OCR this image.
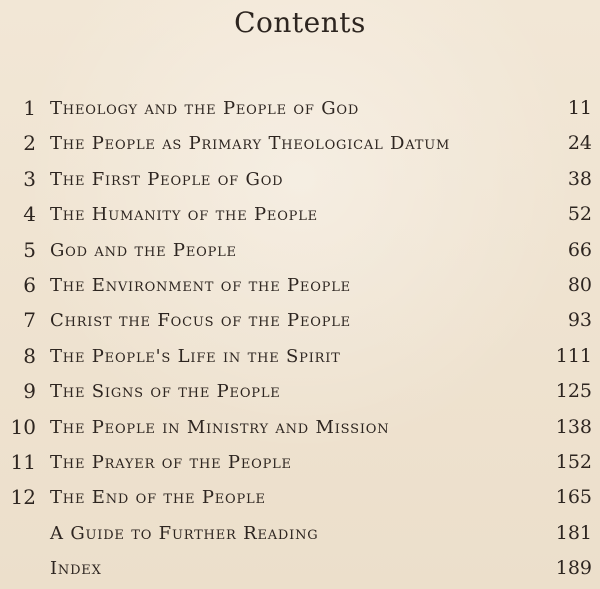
Contents
1 Theology and the People of God	11
2 The People as Primary Theological Datum	24
3 The First People of God	38
4 The Humanity of the People	52
5 God and the People	66
6 The Environment of the People	80
7 Christ the Focus of the People	93
8 The People's Life in the Spirit	111
9 The Signs of the People	125
10 The People in Ministry and Mission	138
11 The Prayer of the People	152
12 The End of the People	165
A Guide to Further Reading	181
Index	189
